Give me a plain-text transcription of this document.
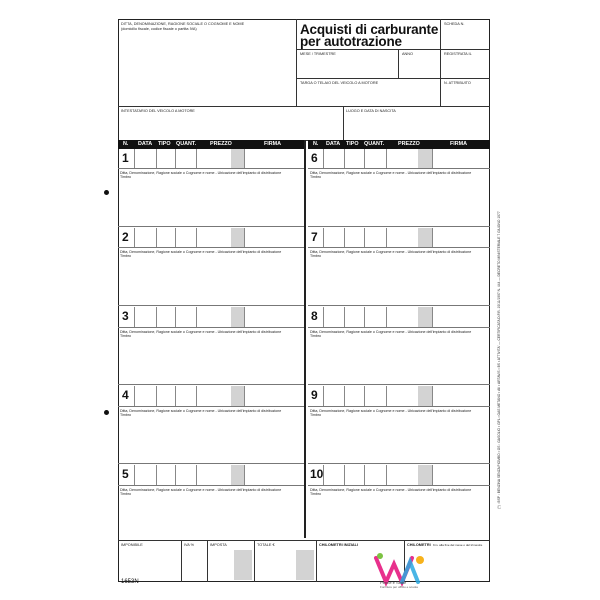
DITTA, DENOMINAZIONE, RAGIONE SOCIALE O COGNOME E NOME
(domicilio fiscale, codice fiscale o partita IVA)	Acquisti di carburante
per autotrazione
SCHEDA N.
MESE / TRIMESTRE	ANNO	REGISTRATA IL
TARGA O TELAIO DEL VEICOLO A MOTORE	N. ATTRIBUITO
INTESTATARIO DEL VEICOLO A MOTORE	LUOGO E DATA DI NASCITA
N. DATA TIPO QUANT.	PREZZO	FIRMA	N. DATA TIPO QUANT.	PREZZO	FIRMA
1
Ditta, Denominazione, Ragione sociale o Cognome e nome - Ubicazione dell'impianto di distribuzione
Timbro
2
Ditta, Denominazione, Ragione sociale o Cognome e nome - Ubicazione dell'impianto di distribuzione
Timbro
3
Ditta, Denominazione, Ragione sociale o Cognome e nome - Ubicazione dell'impianto di distribuzione
Timbro
4
Ditta, Denominazione, Ragione sociale o Cognome e nome - Ubicazione dell'impianto di distribuzione
Timbro
5
Ditta, Denominazione, Ragione sociale o Cognome e nome - Ubicazione dell'impianto di distribuzione
Timbro
6
Ditta, Denominazione, Ragione sociale o Cognome e nome - Ubicazione dell'impianto di distribuzione
Timbro
7
Ditta, Denominazione, Ragione sociale o Cognome e nome - Ubicazione dell'impianto di distribuzione
Timbro
8
Ditta, Denominazione, Ragione sociale o Cognome e nome - Ubicazione dell'impianto di distribuzione
Timbro
9
Ditta, Denominazione, Ragione sociale o Cognome e nome - Ubicazione dell'impianto di distribuzione
Timbro
10
Ditta, Denominazione, Ragione sociale o Cognome e nome - Ubicazione dell'impianto di distribuzione
Timbro
IMPONIBILE	IVA %	IMPOSTA	TOTALE €	CHILOMETRI INIZIALI	CHILOMETRI Km. alla fine del mese o del trimestre
1653N
(*) : BSP : BENZINA SENZA PIOMBO • GS : GASOLIO • GPL • GAS METANO • AV • ARTAVIS • BS • ATTIVITA' — CERTIFICATA D.P.R. 10/11/1997 N. 444 — DECRETO MINISTERIALE 7 GIUGNO 1977
Penne e Sedie
Forniture per ufficio e scuola
